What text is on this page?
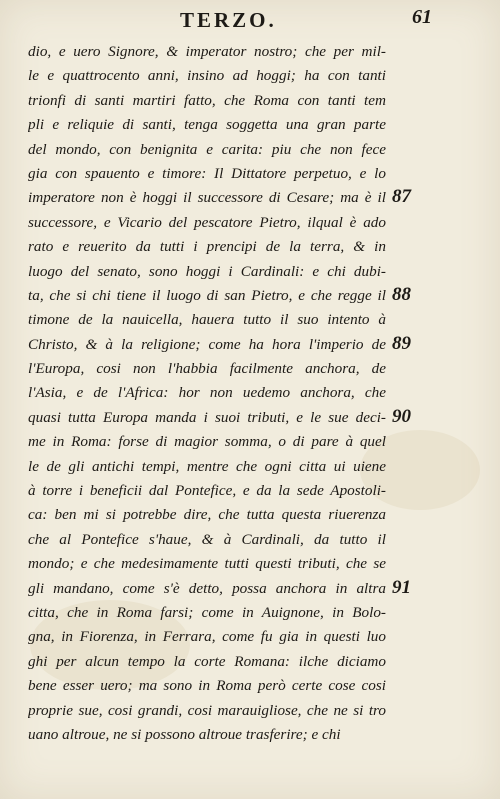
TERZO.	61
dio, e uero Signore, & imperator nostro; che per mil-
le e quattrocento anni, insino ad hoggi; ha con tanti
trionfi di santi martiri fatto, che Roma con tanti tem
pli e reliquie di santi, tenga soggetta una gran parte
del mondo, con benignita e carita: piu che non fece
gia con spauento e timore: Il Dittatore perpetuo, e lo
imperatore non è hoggi il successore di Cesare; ma è il
successore, e Vicario del pescatore Pietro, ilqual è ado
rato e reuerito da tutti i prencipi de la terra, & in
luogo del senato, sono hoggi i Cardinali: e chi dubi-
ta, che si chi tiene il luogo di san Pietro, e che regge il
timone de la nauicella, hauera tutto il suo intento à
Christo, & à la religione; come ha hora l'imperio de
l'Europa, cosi non l'habbia facilmente anchora, de
l'Asia, e de l'Africa: hor non uedemo anchora, che
quasi tutta Europa manda i suoi tributi, e le sue deci-
me in Roma: forse di magior somma, o di pare à quel
le de gli antichi tempi, mentre che ogni citta ui uiene
à torre i beneficii dal Pontefice, e da la sede Apostoli-
ca: ben mi si potrebbe dire, che tutta questa riuerenza
che al Pontefice s'haue, & à Cardinali, da tutto il
mondo; e che medesimamente tutti questi tributi, che se
gli mandano, come s'è detto, possa anchora in altra
citta, che in Roma farsi; come in Auignone, in Bolo-
gna, in Fiorenza, in Ferrara, come fu gia in questi luo
ghi per alcun tempo la corte Romana: ilche diciamo
bene esser uero; ma sono in Roma però certe cose cosi
proprie sue, cosi grandi, cosi marauigliose, che ne si tro
uano altroue, ne si possono altroue trasferire; e chi
87
88
89
90
91
